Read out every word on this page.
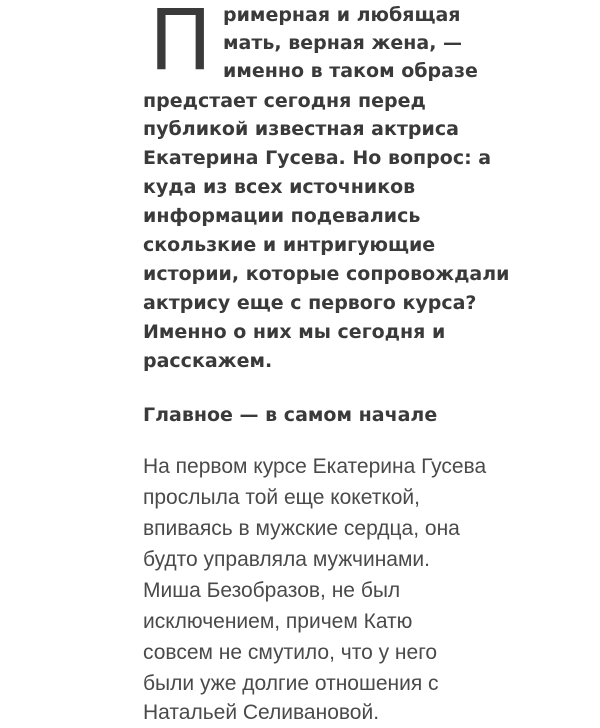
П римерная и любящая
мать, верная жена, —
именно в таком образе
предстает сегодня перед
публикой известная актриса
Екатерина Гусева. Но вопрос: а
куда из всех источников
информации подевались
скользкие и интригующие
истории, которые сопровождали
актрису еще с первого курса?
Именно о них мы сегодня и
расскажем.
Главное — в самом начале
На первом курсе Екатерина Гусева
прослыла той еще кокеткой,
впиваясь в мужские сердца, она
будто управляла мужчинами.
Миша Безобразов, не был
исключением, причем Катю
совсем не смутило, что у него
были уже долгие отношения с
Натальей Селивановой.
